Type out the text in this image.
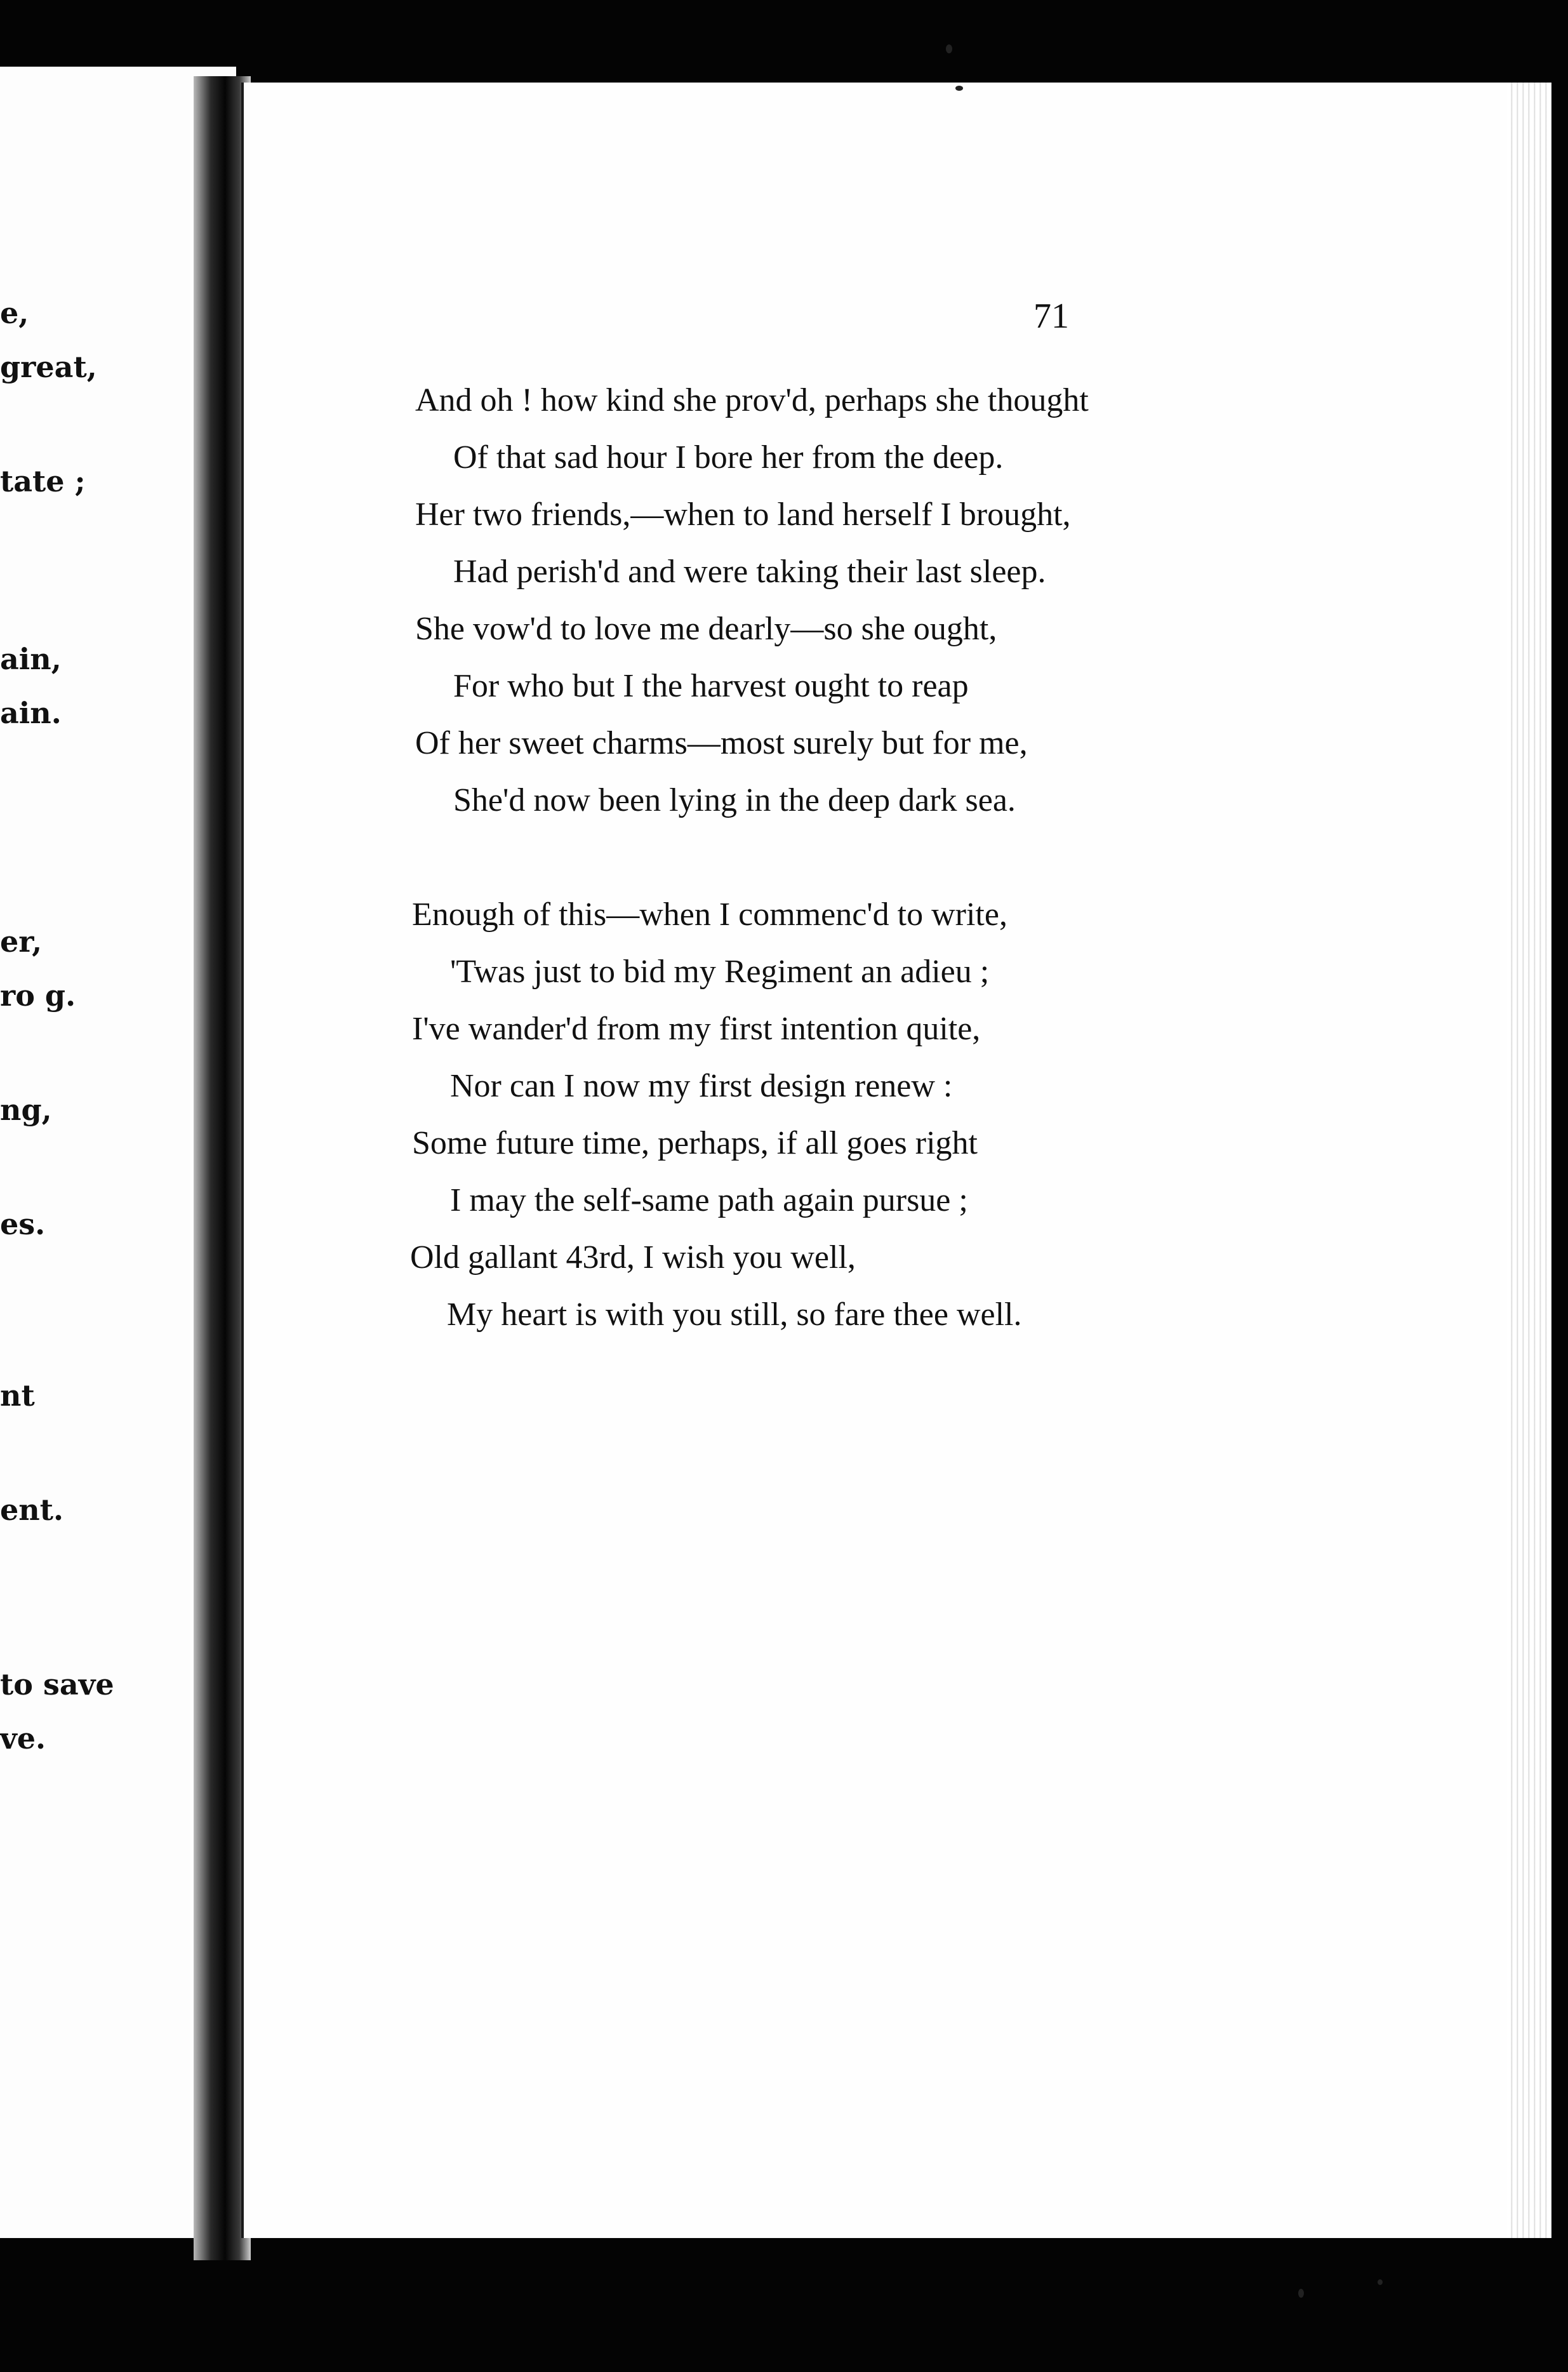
e,

great,

tate ;

ain,

ain.

er,

ro g.

ng,

es.

nt

ent.

to save

ve.

71

And oh ! how kind she prov'd, perhaps she thought

Of that sad hour I bore her from the deep.

Her two friends,—when to land herself I brought,

Had perish'd and were taking their last sleep.

She vow'd to love me dearly—so she ought,

For who but I the harvest ought to reap

Of her sweet charms—most surely but for me,

She'd now been lying in the deep dark sea.

Enough of this—when I commenc'd to write,

'Twas just to bid my Regiment an adieu ;

I've wander'd from my first intention quite,

Nor can I now my first design renew :

Some future time, perhaps, if all goes right

I may the self-same path again pursue ;

Old gallant 43rd, I wish you well,

My heart is with you still, so fare thee well.
